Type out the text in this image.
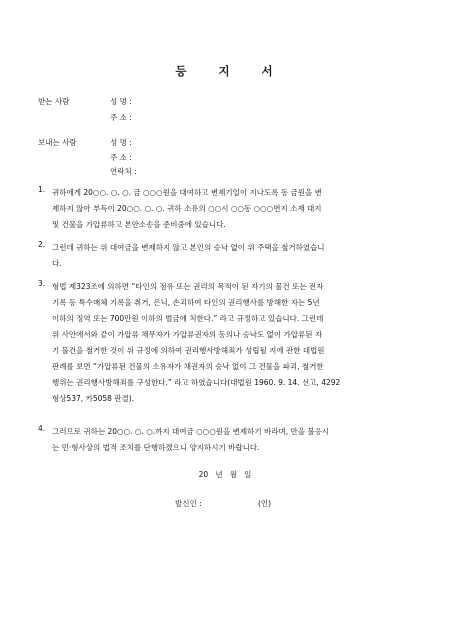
등 지 서
받는 사람	성 명 :
주 소 :
보내는 사람	성 명 :
주 소 :
연락처 :
1. 귀하에게 20○○. ○. ○. 금 ○○○원을 대여하고 변제기일이 지나도록 동 금원을 변
제하지 않아 부득이 20○○. ○. ○. 귀하 소유의 ○○시 ○○동 ○○○번지 소재 대지
및 건물을 가압류하고 본안소송을 준비중에 있습니다.
2. 그런데 귀하는 위 대여금을 변제하지 않고 본인의 승낙 없이 위 주택을 철거하였습니
다.
3. 형법 제323조에 의하면 “타인의 점유 또는 권리의 목적이 된 자기의 물건 또는 전자
기록 등 특수매체 기록을 취거, 은닉, 손괴하여 타인의 권리행사를 방해한 자는 5년
이하의 징역 또는 700만원 이하의 벌금에 처한다.” 라고 규정하고 있습니다. 그런데
위 사안에서와 같이 가압류 채무자가 가압류권자의 동의나 승낙도 없이 가압류된 자
기 물건을 철거한 것이 위 규정에 의하여 권리행사방해죄가 성립될 지에 관한 대법원
판례를 보면 “가압류된 건물의 소유자가 채권자의 승낙 없이 그 건물을 파괴, 철거한
행위는 권리행사방해죄를 구성한다.” 라고 하였습니다(대법원 1960. 9. 14. 선고, 4292
형상537, 카5058 판결).
4. 그러므로 귀하는 20○○. ○. ○.까지 대여금 ○○○원을 변제하기 바라며, 만을 불응시
는 민·형사상의 법적 조치를 단행하겠으니 양지하시기 바랍니다.
20   년   월   일
발신인 :	(인)
